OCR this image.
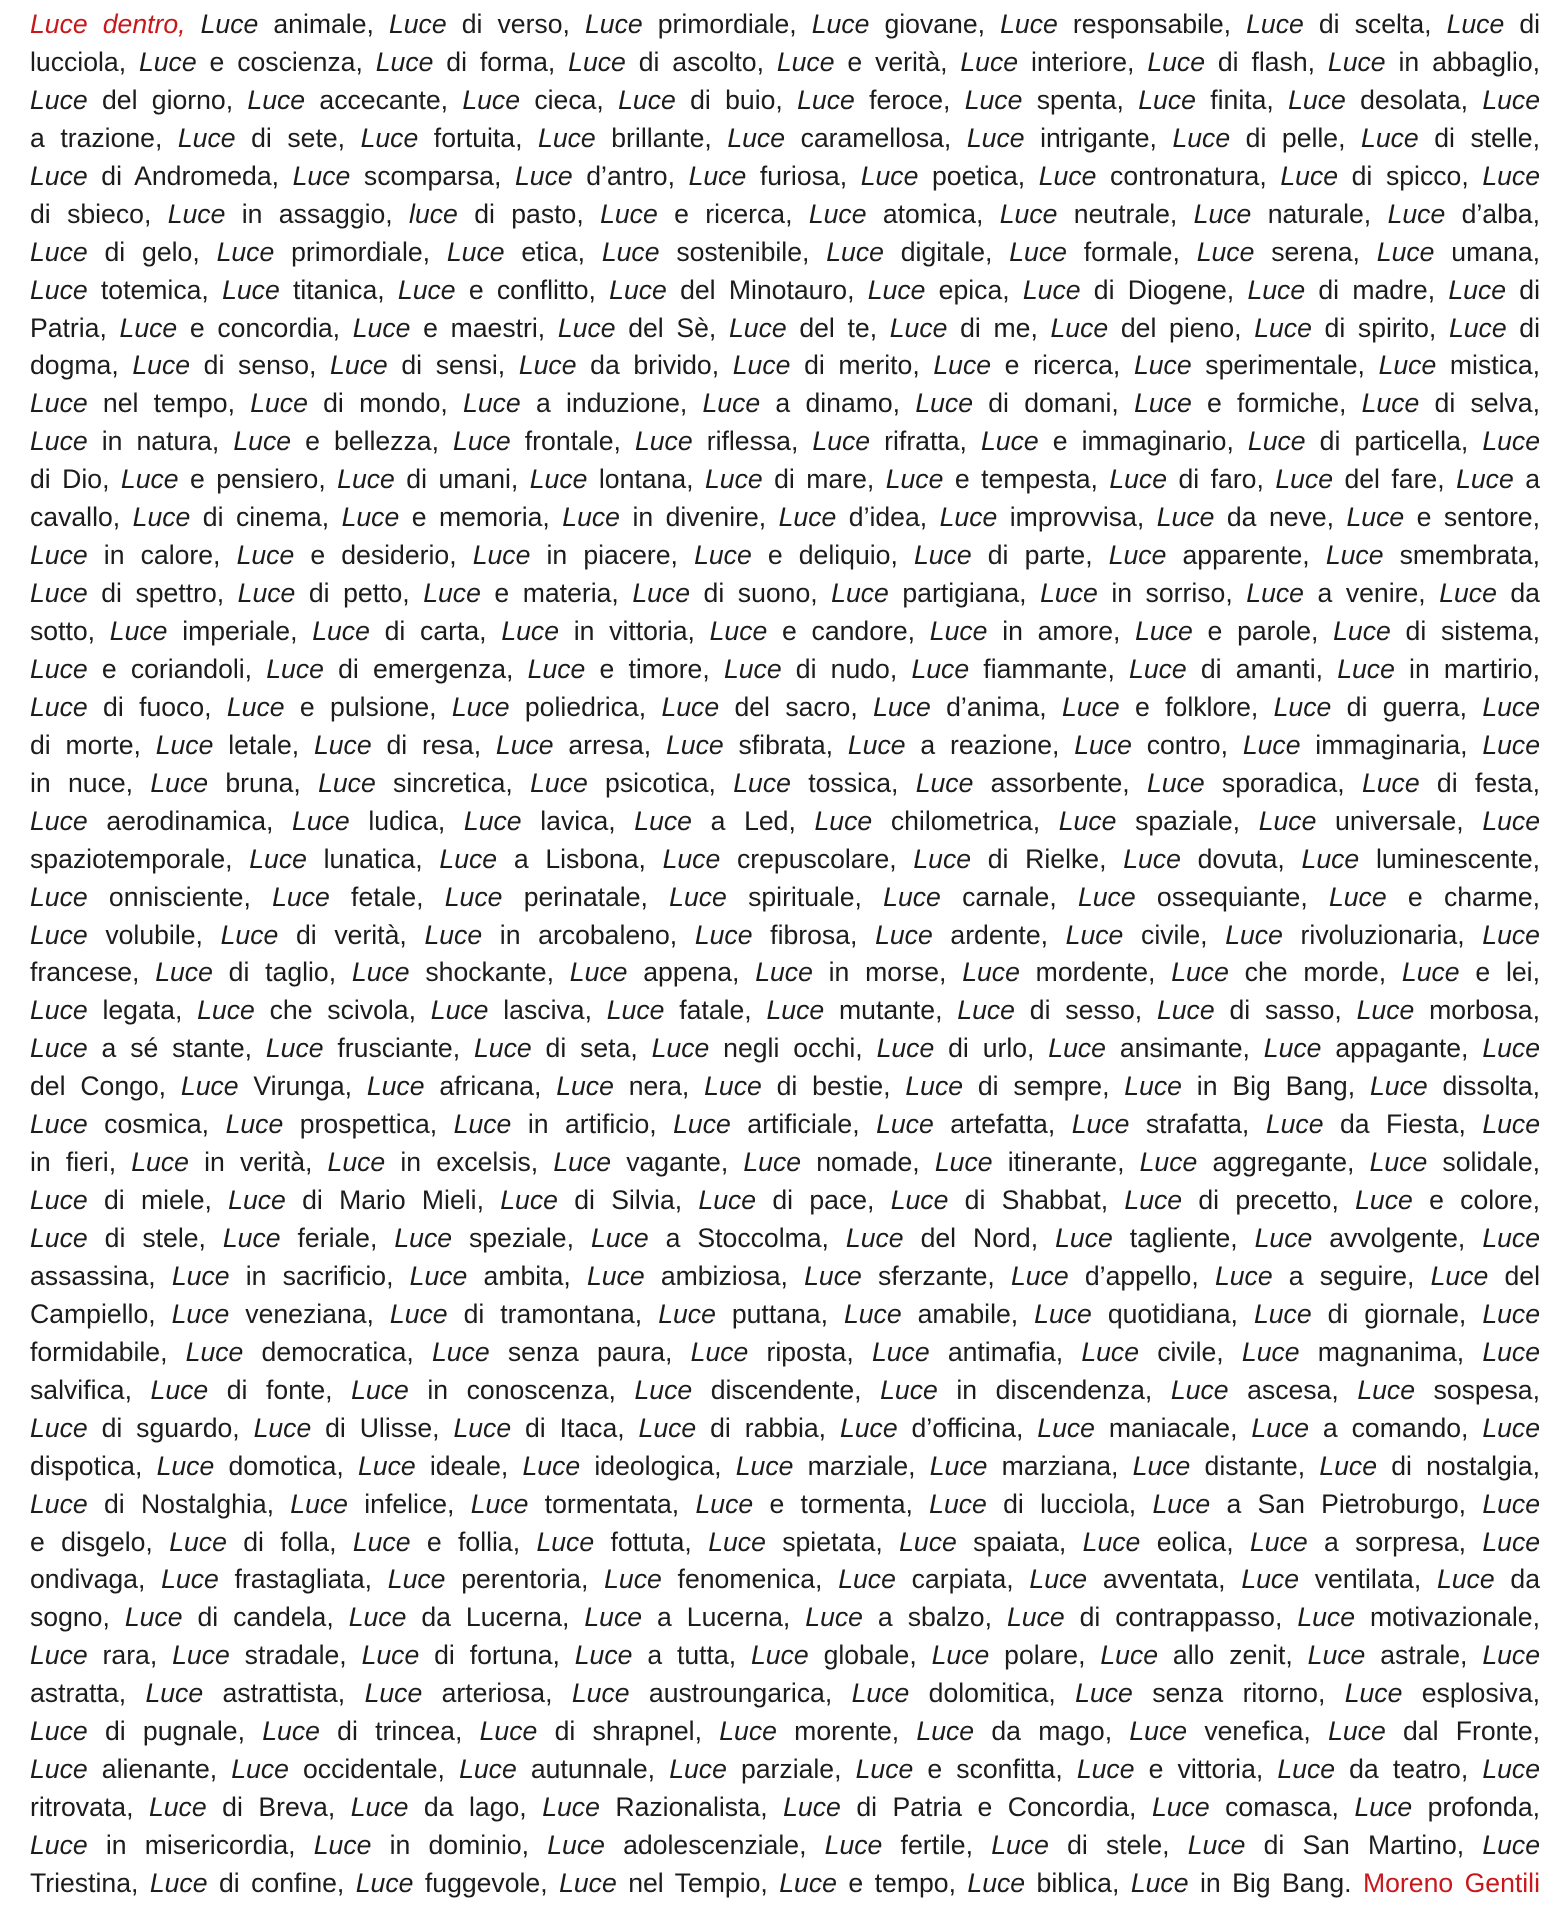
Luce dentro, Luce animale, Luce di verso, Luce primordiale, Luce giovane, Luce responsabile, Luce di scelta, Luce di
lucciola, Luce e coscienza, Luce di forma, Luce di ascolto, Luce e verità, Luce interiore, Luce di flash, Luce in abbaglio,
Luce del giorno, Luce accecante, Luce cieca, Luce di buio, Luce feroce, Luce spenta, Luce finita, Luce desolata, Luce
a trazione, Luce di sete, Luce fortuita, Luce brillante, Luce caramellosa, Luce intrigante, Luce di pelle, Luce di stelle,
Luce di Andromeda, Luce scomparsa, Luce d’antro, Luce furiosa, Luce poetica, Luce contronatura, Luce di spicco, Luce
di sbieco, Luce in assaggio, luce di pasto, Luce e ricerca, Luce atomica, Luce neutrale, Luce naturale, Luce d’alba,
Luce di gelo, Luce primordiale, Luce etica, Luce sostenibile, Luce digitale, Luce formale, Luce serena, Luce umana,
Luce totemica, Luce titanica, Luce e conflitto, Luce del Minotauro, Luce epica, Luce di Diogene, Luce di madre, Luce di
Patria, Luce e concordia, Luce e maestri, Luce del Sè, Luce del te, Luce di me, Luce del pieno, Luce di spirito, Luce di
dogma, Luce di senso, Luce di sensi, Luce da brivido, Luce di merito, Luce e ricerca, Luce sperimentale, Luce mistica,
Luce nel tempo, Luce di mondo, Luce a induzione, Luce a dinamo, Luce di domani, Luce e formiche, Luce di selva,
Luce in natura, Luce e bellezza, Luce frontale, Luce riflessa, Luce rifratta, Luce e immaginario, Luce di particella, Luce
di Dio, Luce e pensiero, Luce di umani, Luce lontana, Luce di mare, Luce e tempesta, Luce di faro, Luce del fare, Luce a
cavallo, Luce di cinema, Luce e memoria, Luce in divenire, Luce d’idea, Luce improvvisa, Luce da neve, Luce e sentore,
Luce in calore, Luce e desiderio, Luce in piacere, Luce e deliquio, Luce di parte, Luce apparente, Luce smembrata,
Luce di spettro, Luce di petto, Luce e materia, Luce di suono, Luce partigiana, Luce in sorriso, Luce a venire, Luce da
sotto, Luce imperiale, Luce di carta, Luce in vittoria, Luce e candore, Luce in amore, Luce e parole, Luce di sistema,
Luce e coriandoli, Luce di emergenza, Luce e timore, Luce di nudo, Luce fiammante, Luce di amanti, Luce in martirio,
Luce di fuoco, Luce e pulsione, Luce poliedrica, Luce del sacro, Luce d’anima, Luce e folklore, Luce di guerra, Luce
di morte, Luce letale, Luce di resa, Luce arresa, Luce sfibrata, Luce a reazione, Luce contro, Luce immaginaria, Luce
in nuce, Luce bruna, Luce sincretica, Luce psicotica, Luce tossica, Luce assorbente, Luce sporadica, Luce di festa,
Luce aerodinamica, Luce ludica, Luce lavica, Luce a Led, Luce chilometrica, Luce spaziale, Luce universale, Luce
spaziotemporale, Luce lunatica, Luce a Lisbona, Luce crepuscolare, Luce di Rielke, Luce dovuta, Luce luminescente,
Luce onnisciente, Luce fetale, Luce perinatale, Luce spirituale, Luce carnale, Luce ossequiante, Luce e charme,
Luce volubile, Luce di verità, Luce in arcobaleno, Luce fibrosa, Luce ardente, Luce civile, Luce rivoluzionaria, Luce
francese, Luce di taglio, Luce shockante, Luce appena, Luce in morse, Luce mordente, Luce che morde, Luce e lei,
Luce legata, Luce che scivola, Luce lasciva, Luce fatale, Luce mutante, Luce di sesso, Luce di sasso, Luce morbosa,
Luce a sé stante, Luce frusciante, Luce di seta, Luce negli occhi, Luce di urlo, Luce ansimante, Luce appagante, Luce
del Congo, Luce Virunga, Luce africana, Luce nera, Luce di bestie, Luce di sempre, Luce in Big Bang, Luce dissolta,
Luce cosmica, Luce prospettica, Luce in artificio, Luce artificiale, Luce artefatta, Luce strafatta, Luce da Fiesta, Luce
in fieri, Luce in verità, Luce in excelsis, Luce vagante, Luce nomade, Luce itinerante, Luce aggregante, Luce solidale,
Luce di miele, Luce di Mario Mieli, Luce di Silvia, Luce di pace, Luce di Shabbat, Luce di precetto, Luce e colore,
Luce di stele, Luce feriale, Luce speziale, Luce a Stoccolma, Luce del Nord, Luce tagliente, Luce avvolgente, Luce
assassina, Luce in sacrificio, Luce ambita, Luce ambiziosa, Luce sferzante, Luce d’appello, Luce a seguire, Luce del
Campiello, Luce veneziana, Luce di tramontana, Luce puttana, Luce amabile, Luce quotidiana, Luce di giornale, Luce
formidabile, Luce democratica, Luce senza paura, Luce riposta, Luce antimafia, Luce civile, Luce magnanima, Luce
salvifica, Luce di fonte, Luce in conoscenza, Luce discendente, Luce in discendenza, Luce ascesa, Luce sospesa,
Luce di sguardo, Luce di Ulisse, Luce di Itaca, Luce di rabbia, Luce d’officina, Luce maniacale, Luce a comando, Luce
dispotica, Luce domotica, Luce ideale, Luce ideologica, Luce marziale, Luce marziana, Luce distante, Luce di nostalgia,
Luce di Nostalghia, Luce infelice, Luce tormentata, Luce e tormenta, Luce di lucciola, Luce a San Pietroburgo, Luce
e disgelo, Luce di folla, Luce e follia, Luce fottuta, Luce spietata, Luce spaiata, Luce eolica, Luce a sorpresa, Luce
ondivaga, Luce frastagliata, Luce perentoria, Luce fenomenica, Luce carpiata, Luce avventata, Luce ventilata, Luce da
sogno, Luce di candela, Luce da Lucerna, Luce a Lucerna, Luce a sbalzo, Luce di contrappasso, Luce motivazionale,
Luce rara, Luce stradale, Luce di fortuna, Luce a tutta, Luce globale, Luce polare, Luce allo zenit, Luce astrale, Luce
astratta, Luce astrattista, Luce arteriosa, Luce austroungarica, Luce dolomitica, Luce senza ritorno, Luce esplosiva,
Luce di pugnale, Luce di trincea, Luce di shrapnel, Luce morente, Luce da mago, Luce venefica, Luce dal Fronte,
Luce alienante, Luce occidentale, Luce autunnale, Luce parziale, Luce e sconfitta, Luce e vittoria, Luce da teatro, Luce
ritrovata, Luce di Breva, Luce da lago, Luce Razionalista, Luce di Patria e Concordia, Luce comasca, Luce profonda,
Luce in misericordia, Luce in dominio, Luce adolescenziale, Luce fertile, Luce di stele, Luce di San Martino, Luce
Triestina, Luce di confine, Luce fuggevole, Luce nel Tempio, Luce e tempo, Luce biblica, Luce in Big Bang. Moreno Gentili
